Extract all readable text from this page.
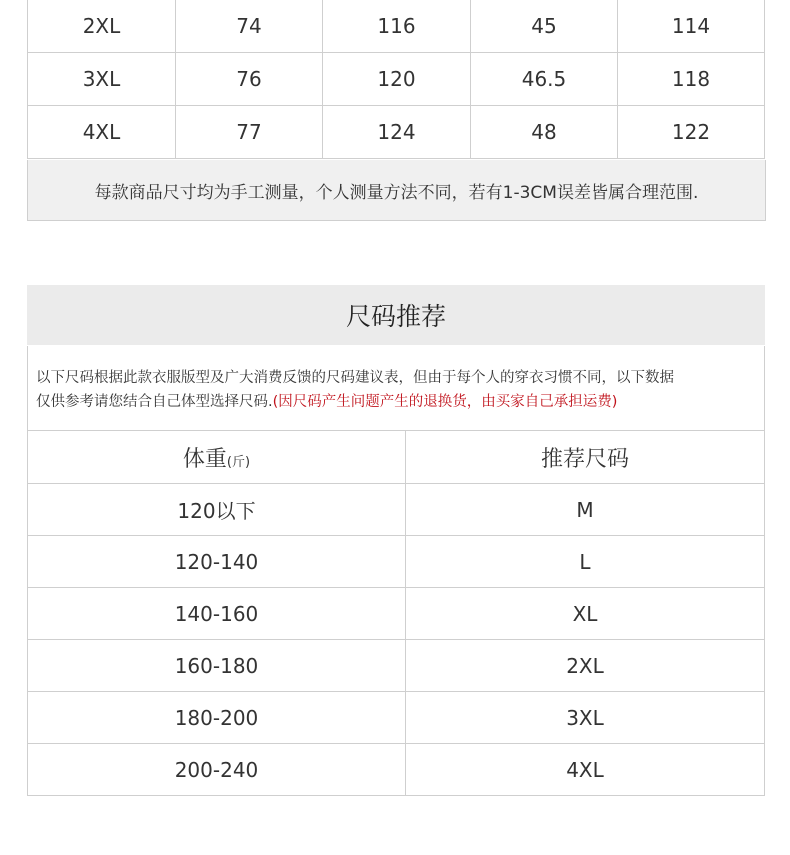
2XL	74	116	45	114
3XL	76	120	46.5	118
4XL	77	124	48	122
每款商品尺寸均为手工测量，个人测量方法不同，若有1-3CM误差皆属合理范围.
尺码推荐
以下尺码根据此款衣服版型及广大消费反馈的尺码建议表，但由于每个人的穿衣习惯不同，以下数据
仅供参考请您结合自己体型选择尺码.(因尺码产生问题产生的退换货，由买家自己承担运费)
体重(斤)	推荐尺码
120以下	M
120-140	L
140-160	XL
160-180	2XL
180-200	3XL
200-240	4XL
